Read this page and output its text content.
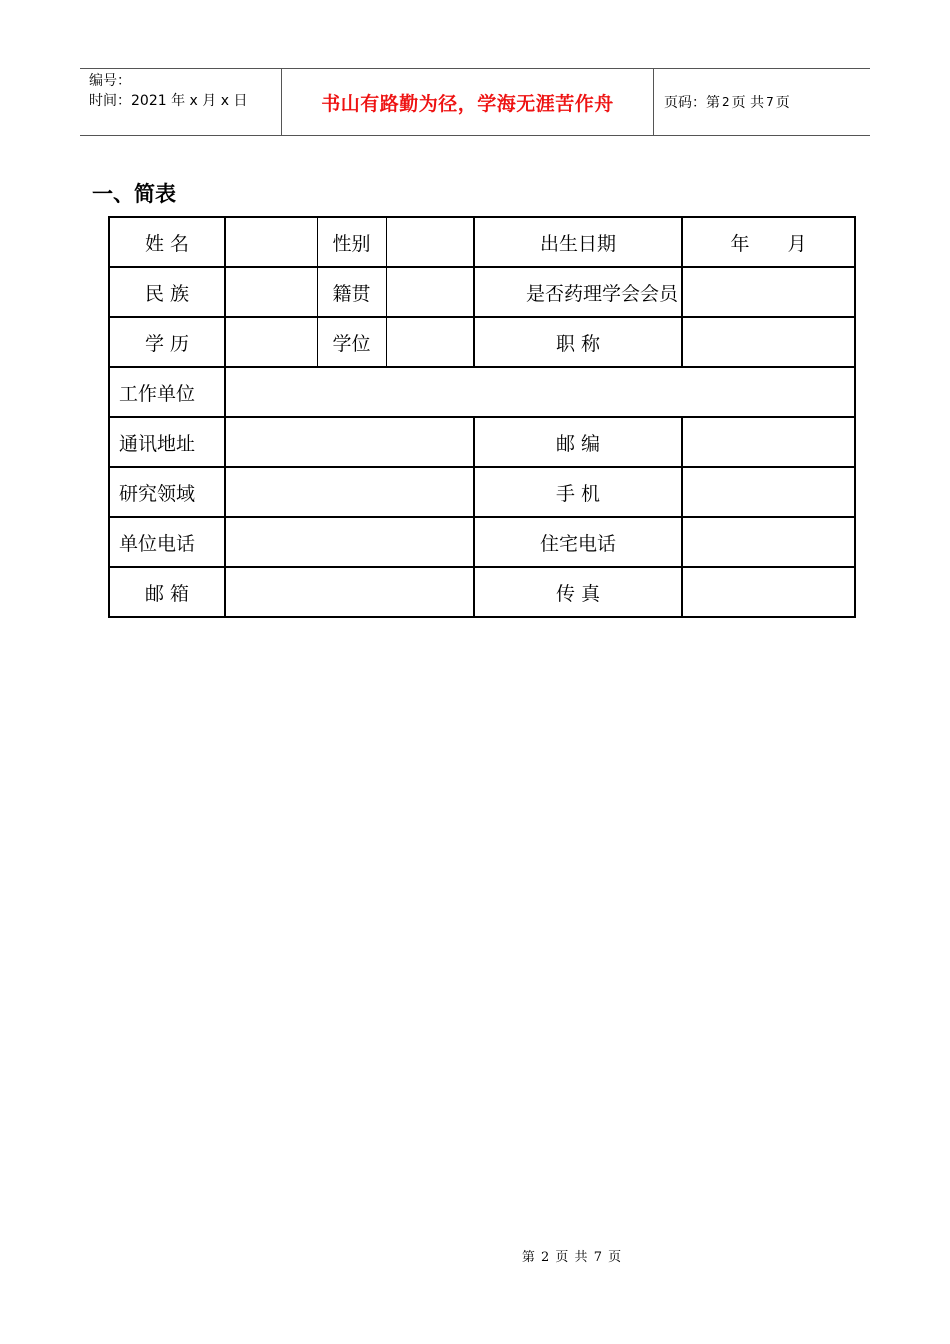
编号：
时间：2021 年 x 月 x 日	书山有路勤为径，学海无涯苦作舟	页码：第 2 页 共 7 页
一、简表
姓 名		性别		出生日期	年 月
民 族		籍贯		是否药理学会会员	
学 历		学位		职 称	
工作单位					
通讯地址				邮 编	
研究领域				手 机	
单位电话				住宅电话	
邮 箱				传 真	
第 2 页 共 7 页
